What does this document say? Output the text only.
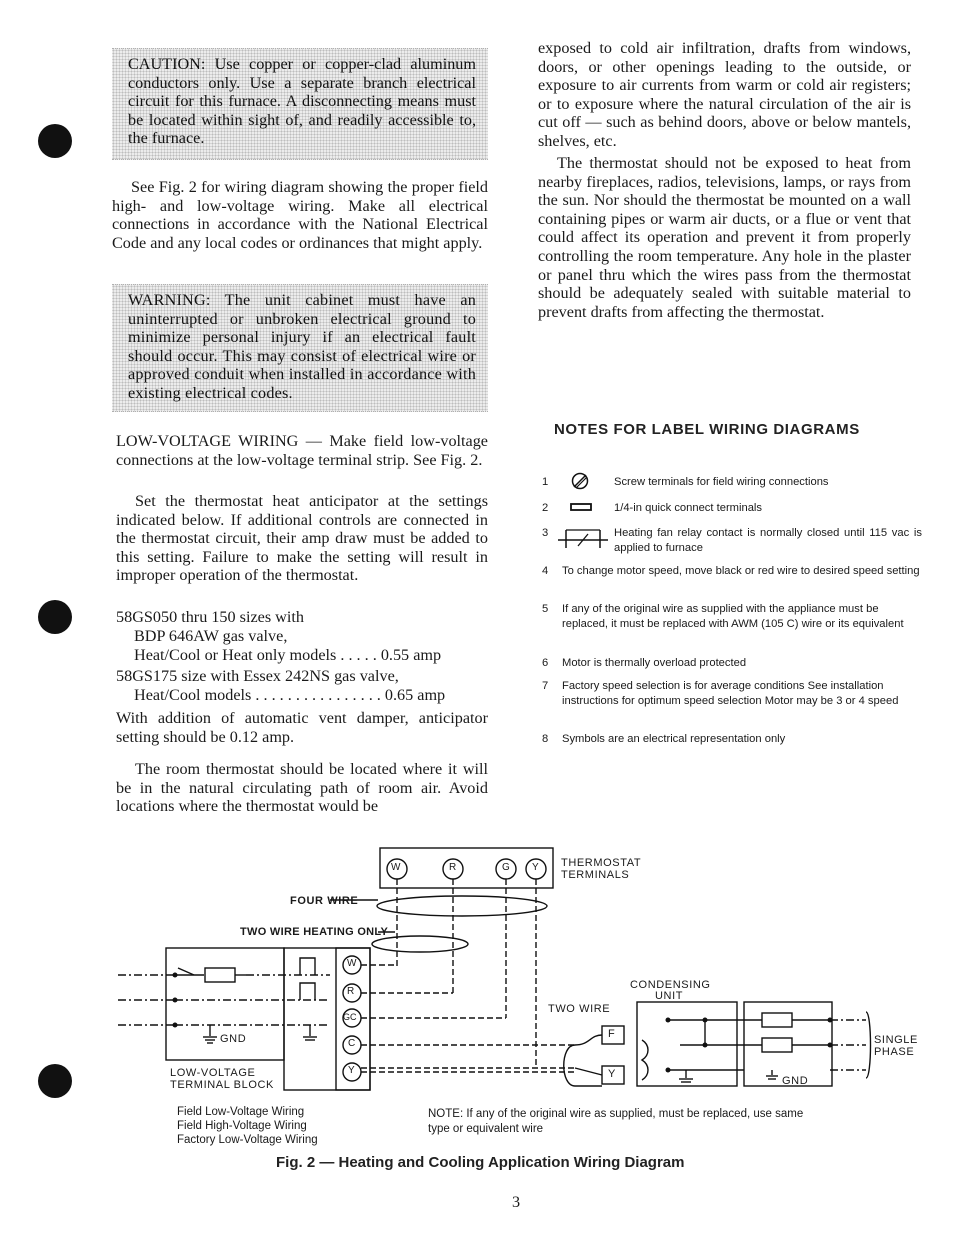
CAUTION: Use copper or copper-clad aluminum conductors only. Use a separate branch electrical circuit for this furnace. A disconnecting means must be located within sight of, and readily accessible to, the furnace.

See Fig. 2 for wiring diagram showing the proper field high- and low-voltage wiring. Make all electrical connections in accordance with the National Electrical Code and any local codes or ordinances that might apply.

WARNING: The unit cabinet must have an uninterrupted or unbroken electrical ground to minimize personal injury if an electrical fault should occur. This may consist of electrical wire or approved conduit when installed in accordance with existing electrical codes.

LOW-VOLTAGE WIRING — Make field low-voltage connections at the low-voltage terminal strip. See Fig. 2.

Set the thermostat heat anticipator at the settings indicated below. If additional controls are connected in the thermostat circuit, their amp draw must be added to this setting. Failure to make the setting will result in improper operation of the thermostat.

58GS050 thru 150 sizes with

BDP 646AW gas valve,

Heat/Cool or Heat only models . . . . . 0.55 amp

58GS175 size with Essex 242NS gas valve,

Heat/Cool models . . . . . . . . . . . . . . . . 0.65 amp

With addition of automatic vent damper, anticipator setting should be 0.12 amp.

The room thermostat should be located where it will be in the natural circulating path of room air. Avoid locations where the thermostat would be

exposed to cold air infiltration, drafts from windows, doors, or other openings leading to the outside, or exposure to air currents from warm or cold air registers; or to exposure where the natural circulation of the air is cut off — such as behind doors, above or below mantels, shelves, etc.

The thermostat should not be exposed to heat from nearby fireplaces, radios, televisions, lamps, or rays from the sun. Nor should the thermostat be mounted on a wall containing pipes or warm air ducts, or a flue or vent that could affect its operation and prevent it from properly controlling the room temperature. Any hole in the plaster or panel thru which the wires pass from the thermostat should be adequately sealed with suitable material to prevent drafts from affecting the thermostat.

NOTES FOR LABEL WIRING DIAGRAMS
1	Screw terminals for field wiring connections
2	1/4-in quick connect terminals
3	Heating fan relay contact is normally closed until 115 vac is applied to furnace
4	To change motor speed, move black or red wire to desired speed setting
5	If any of the original wire as supplied with the appliance must be replaced, it must be replaced with AWM (105 C) wire or its equivalent
6	Motor is thermally overload protected
7	Factory speed selection is for average conditions See installation instructions for optimum speed selection Motor may be 3 or 4 speed
8	Symbols are an electrical representation only
W	R	G Y THERMOSTAT
TERMINALS
FOUR WIRE
TWO WIRE HEATING ONLY
W
R
GC
C
Y
GND
LOW-VOLTAGE
TERMINAL BLOCK
CONDENSING
UNIT
TWO WIRE
F
Y
SINGLE
PHASE
GND
Field Low-Voltage Wiring
Field High-Voltage Wiring
Factory Low-Voltage Wiring
NOTE: If any of the original wire as supplied, must be replaced, use same type or equivalent wire
Fig. 2 — Heating and Cooling Application Wiring Diagram
3
